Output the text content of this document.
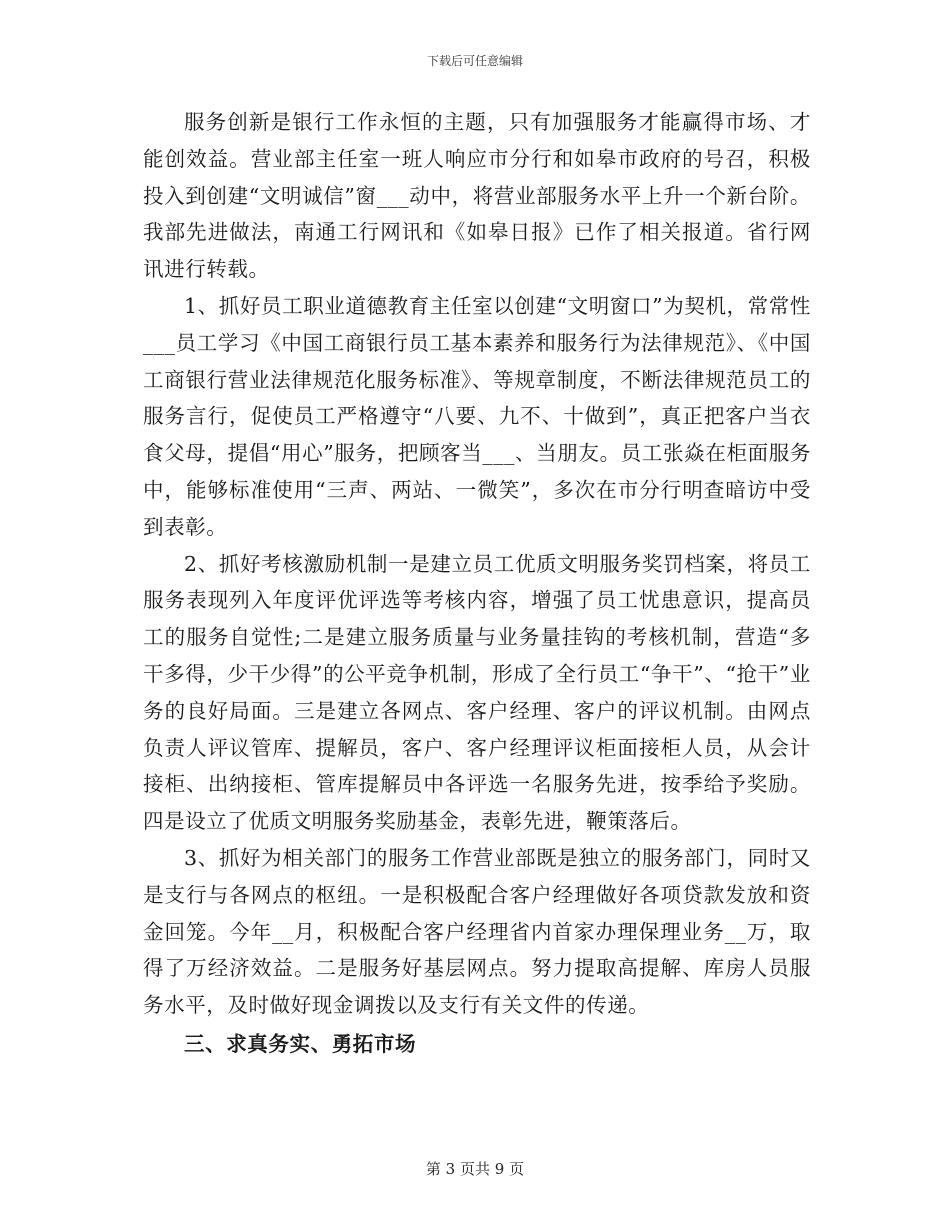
下载后可任意编辑

服务创新是银行工作永恒的主题，只有加强服务才能赢得市场、才能创效益。营业部主任室一班人响应市分行和如皋市政府的号召，积极投入到创建“文明诚信”窗___动中，将营业部服务水平上升一个新台阶。我部先进做法，南通工行网讯和《如皋日报》已作了相关报道。省行网讯进行转载。

1、抓好员工职业道德教育主任室以创建“文明窗口”为契机，常常性___员工学习《中国工商银行员工基本素养和服务行为法律规范》、《中国工商银行营业法律规范化服务标准》、等规章制度，不断法律规范员工的服务言行，促使员工严格遵守“八要、九不、十做到”，真正把客户当衣食父母，提倡“用心”服务，把顾客当___、当朋友。员工张焱在柜面服务中，能够标准使用“三声、两站、一微笑”，多次在市分行明查暗访中受到表彰。

2、抓好考核激励机制一是建立员工优质文明服务奖罚档案，将员工服务表现列入年度评优评选等考核内容，增强了员工忧患意识，提高员工的服务自觉性;二是建立服务质量与业务量挂钩的考核机制，营造“多干多得，少干少得”的公平竞争机制，形成了全行员工“争干”、“抢干”业务的良好局面。三是建立各网点、客户经理、客户的评议机制。由网点负责人评议管库、提解员，客户、客户经理评议柜面接柜人员，从会计接柜、出纳接柜、管库提解员中各评选一名服务先进，按季给予奖励。四是设立了优质文明服务奖励基金，表彰先进，鞭策落后。

3、抓好为相关部门的服务工作营业部既是独立的服务部门，同时又是支行与各网点的枢纽。一是积极配合客户经理做好各项贷款发放和资金回笼。今年__月，积极配合客户经理省内首家办理保理业务__万，取得了万经济效益。二是服务好基层网点。努力提取高提解、库房人员服务水平，及时做好现金调拨以及支行有关文件的传递。

三、求真务实、勇拓市场

第 3 页共 9 页
